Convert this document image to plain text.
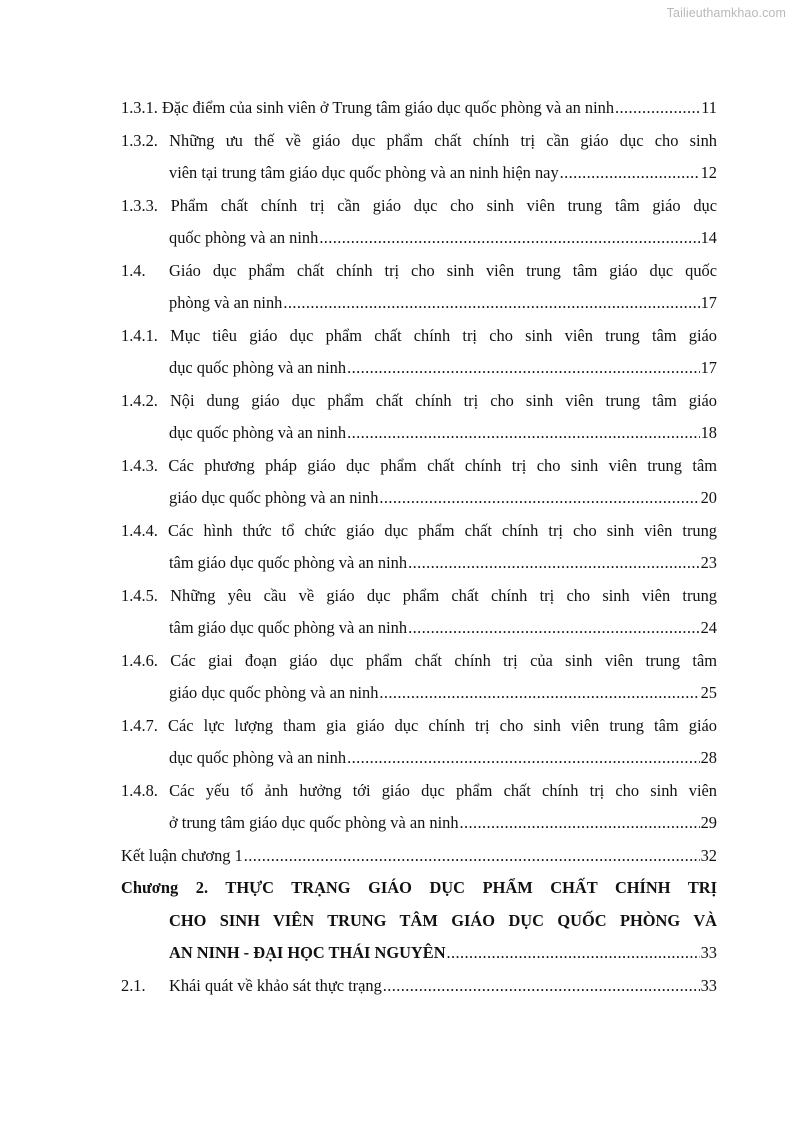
Tailieuthamkhao.com
1.3.1.
Đặc điểm của sinh viên ở Trung tâm giáo dục quốc phòng và an ninh .....	11
1.3.2. Những ưu thế về giáo dục phẩm chất chính trị cần giáo dục cho sinh
viên tại trung tâm giáo dục quốc phòng và an ninh hiện nay .....	12
1.3.3. Phẩm chất chính trị cần giáo dục cho sinh viên trung tâm giáo dục
quốc phòng và an ninh .....	14
1.4.	Giáo dục phẩm chất chính trị cho sinh viên trung tâm giáo dục quốc
phòng và an ninh .....	17
1.4.1. Mục tiêu giáo dục phẩm chất chính trị cho sinh viên trung tâm giáo
dục quốc phòng và an ninh .....	17
1.4.2. Nội dung giáo dục phẩm chất chính trị cho sinh viên trung tâm giáo
dục quốc phòng và an ninh .....	18
1.4.3. Các phương pháp giáo dục phẩm chất chính trị cho sinh viên trung tâm
giáo dục quốc phòng và an ninh .....	20
1.4.4. Các hình thức tổ chức giáo dục phẩm chất chính trị cho sinh viên trung
tâm giáo dục quốc phòng và an ninh .....	23
1.4.5. Những yêu cầu về giáo dục phẩm chất chính trị cho sinh viên trung
tâm giáo dục quốc phòng và an ninh .....	24
1.4.6. Các giai đoạn giáo dục phẩm chất chính trị của sinh viên trung tâm
giáo dục quốc phòng và an ninh .....	25
1.4.7. Các lực lượng tham gia giáo dục chính trị cho sinh viên trung tâm giáo
dục quốc phòng và an ninh .....	28
1.4.8. Các yếu tố ảnh hưởng tới giáo dục phẩm chất chính trị cho sinh viên
ở trung tâm giáo dục quốc phòng và an ninh .....	29
Kết luận chương 1 .....	32
Chương 2. THỰC TRẠNG GIÁO DỤC PHẨM CHẤT CHÍNH TRỊ
CHO SINH VIÊN TRUNG TÂM GIÁO DỤC QUỐC PHÒNG VÀ
AN NINH - ĐẠI HỌC THÁI NGUYÊN .....	33
2.1.	Khái quát về khảo sát thực trạng .....	33
